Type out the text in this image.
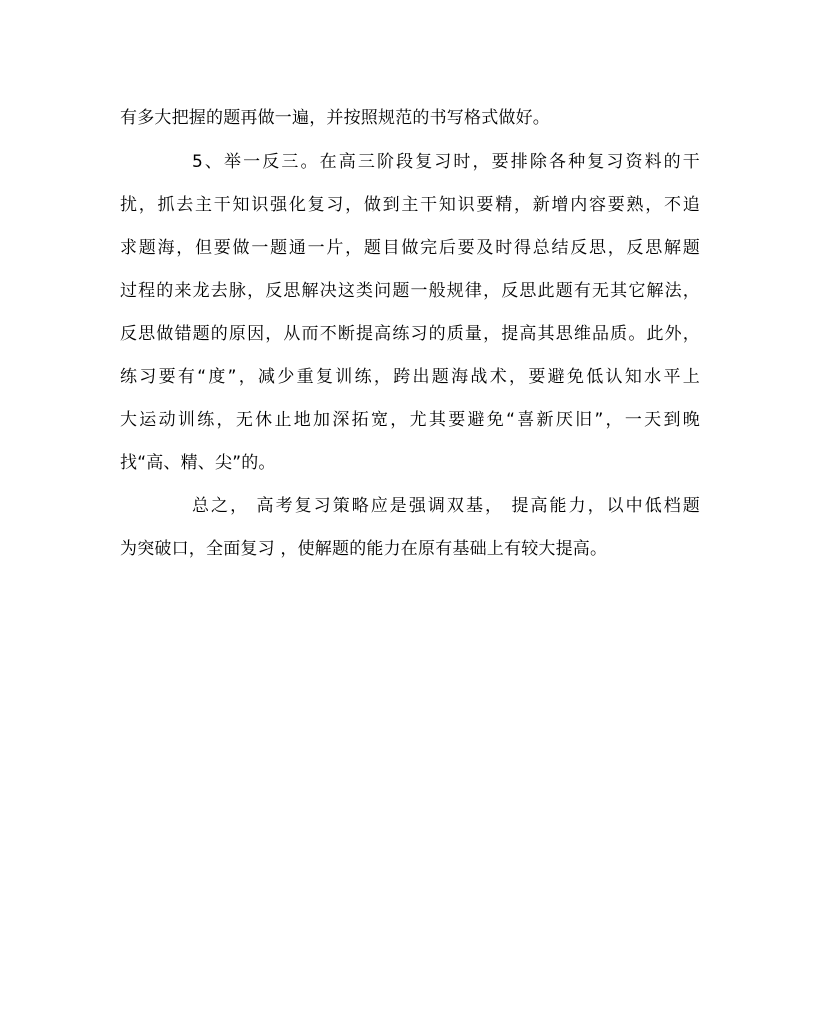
有多大把握的题再做一遍，并按照规范的书写格式做好。
5、举一反三。在高三阶段复习时，要排除各种复习资料的干
扰，抓去主干知识强化复习，做到主干知识要精，新增内容要熟，不追
求题海，但要做一题通一片，题目做完后要及时得总结反思，反思解题
过程的来龙去脉，反思解决这类问题一般规律，反思此题有无其它解法，
反思做错题的原因，从而不断提高练习的质量，提高其思维品质。此外，
练习要有“度”，减少重复训练，跨出题海战术，要避免低认知水平上
大运动训练，无休止地加深拓宽，尤其要避免“喜新厌旧”，一天到晚
找“高、精、尖”的。
总之， 高考复习策略应是强调双基， 提高能力，以中低档题
为突破口，全面复习 ，使解题的能力在原有基础上有较大提高。
